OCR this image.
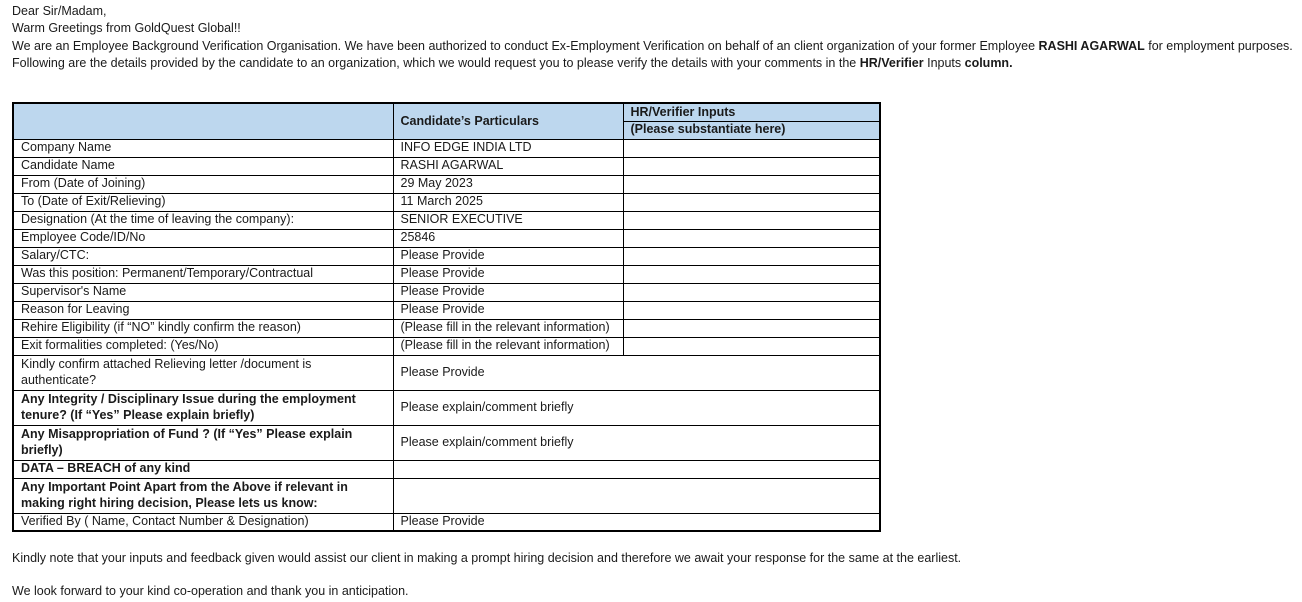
Dear Sir/Madam,
Warm Greetings from GoldQuest Global!!
We are an Employee Background Verification Organisation. We have been authorized to conduct Ex-Employment Verification on behalf of an client organization of your former Employee RASHI AGARWAL for employment purposes.
Following are the details provided by the candidate to an organization, which we would request you to please verify the details with your comments in the HR/Verifier Inputs column.
	Candidate’s Particulars	HR/Verifier Inputs
		(Please substantiate here)
Company Name	INFO EDGE INDIA LTD	
Candidate Name	RASHI AGARWAL	
From (Date of Joining)	29 May 2023	
To (Date of Exit/Relieving)	11 March 2025	
Designation (At the time of leaving the company):	SENIOR EXECUTIVE	
Employee Code/ID/No	25846	
Salary/CTC:	Please Provide	
Was this position: Permanent/Temporary/Contractual	Please Provide	
Supervisor's Name	Please Provide	
Reason for Leaving	Please Provide	
Rehire Eligibility (if “NO” kindly confirm the reason)	(Please fill in the relevant information)	
Exit formalities completed: (Yes/No)	(Please fill in the relevant information)	
Kindly confirm attached Relieving letter /document is authenticate?	Please Provide	
Any Integrity / Disciplinary Issue during the employment tenure? (If “Yes” Please explain briefly)	Please explain/comment briefly	
Any Misappropriation of Fund ? (If “Yes” Please explain briefly)	Please explain/comment briefly	
DATA – BREACH of any kind		
Any Important Point Apart from the Above if relevant in making right hiring decision, Please lets us know:		
Verified By ( Name, Contact Number & Designation)	Please Provide	
Kindly note that your inputs and feedback given would assist our client in making a prompt hiring decision and therefore we await your response for the same at the earliest.
We look forward to your kind co-operation and thank you in anticipation.
